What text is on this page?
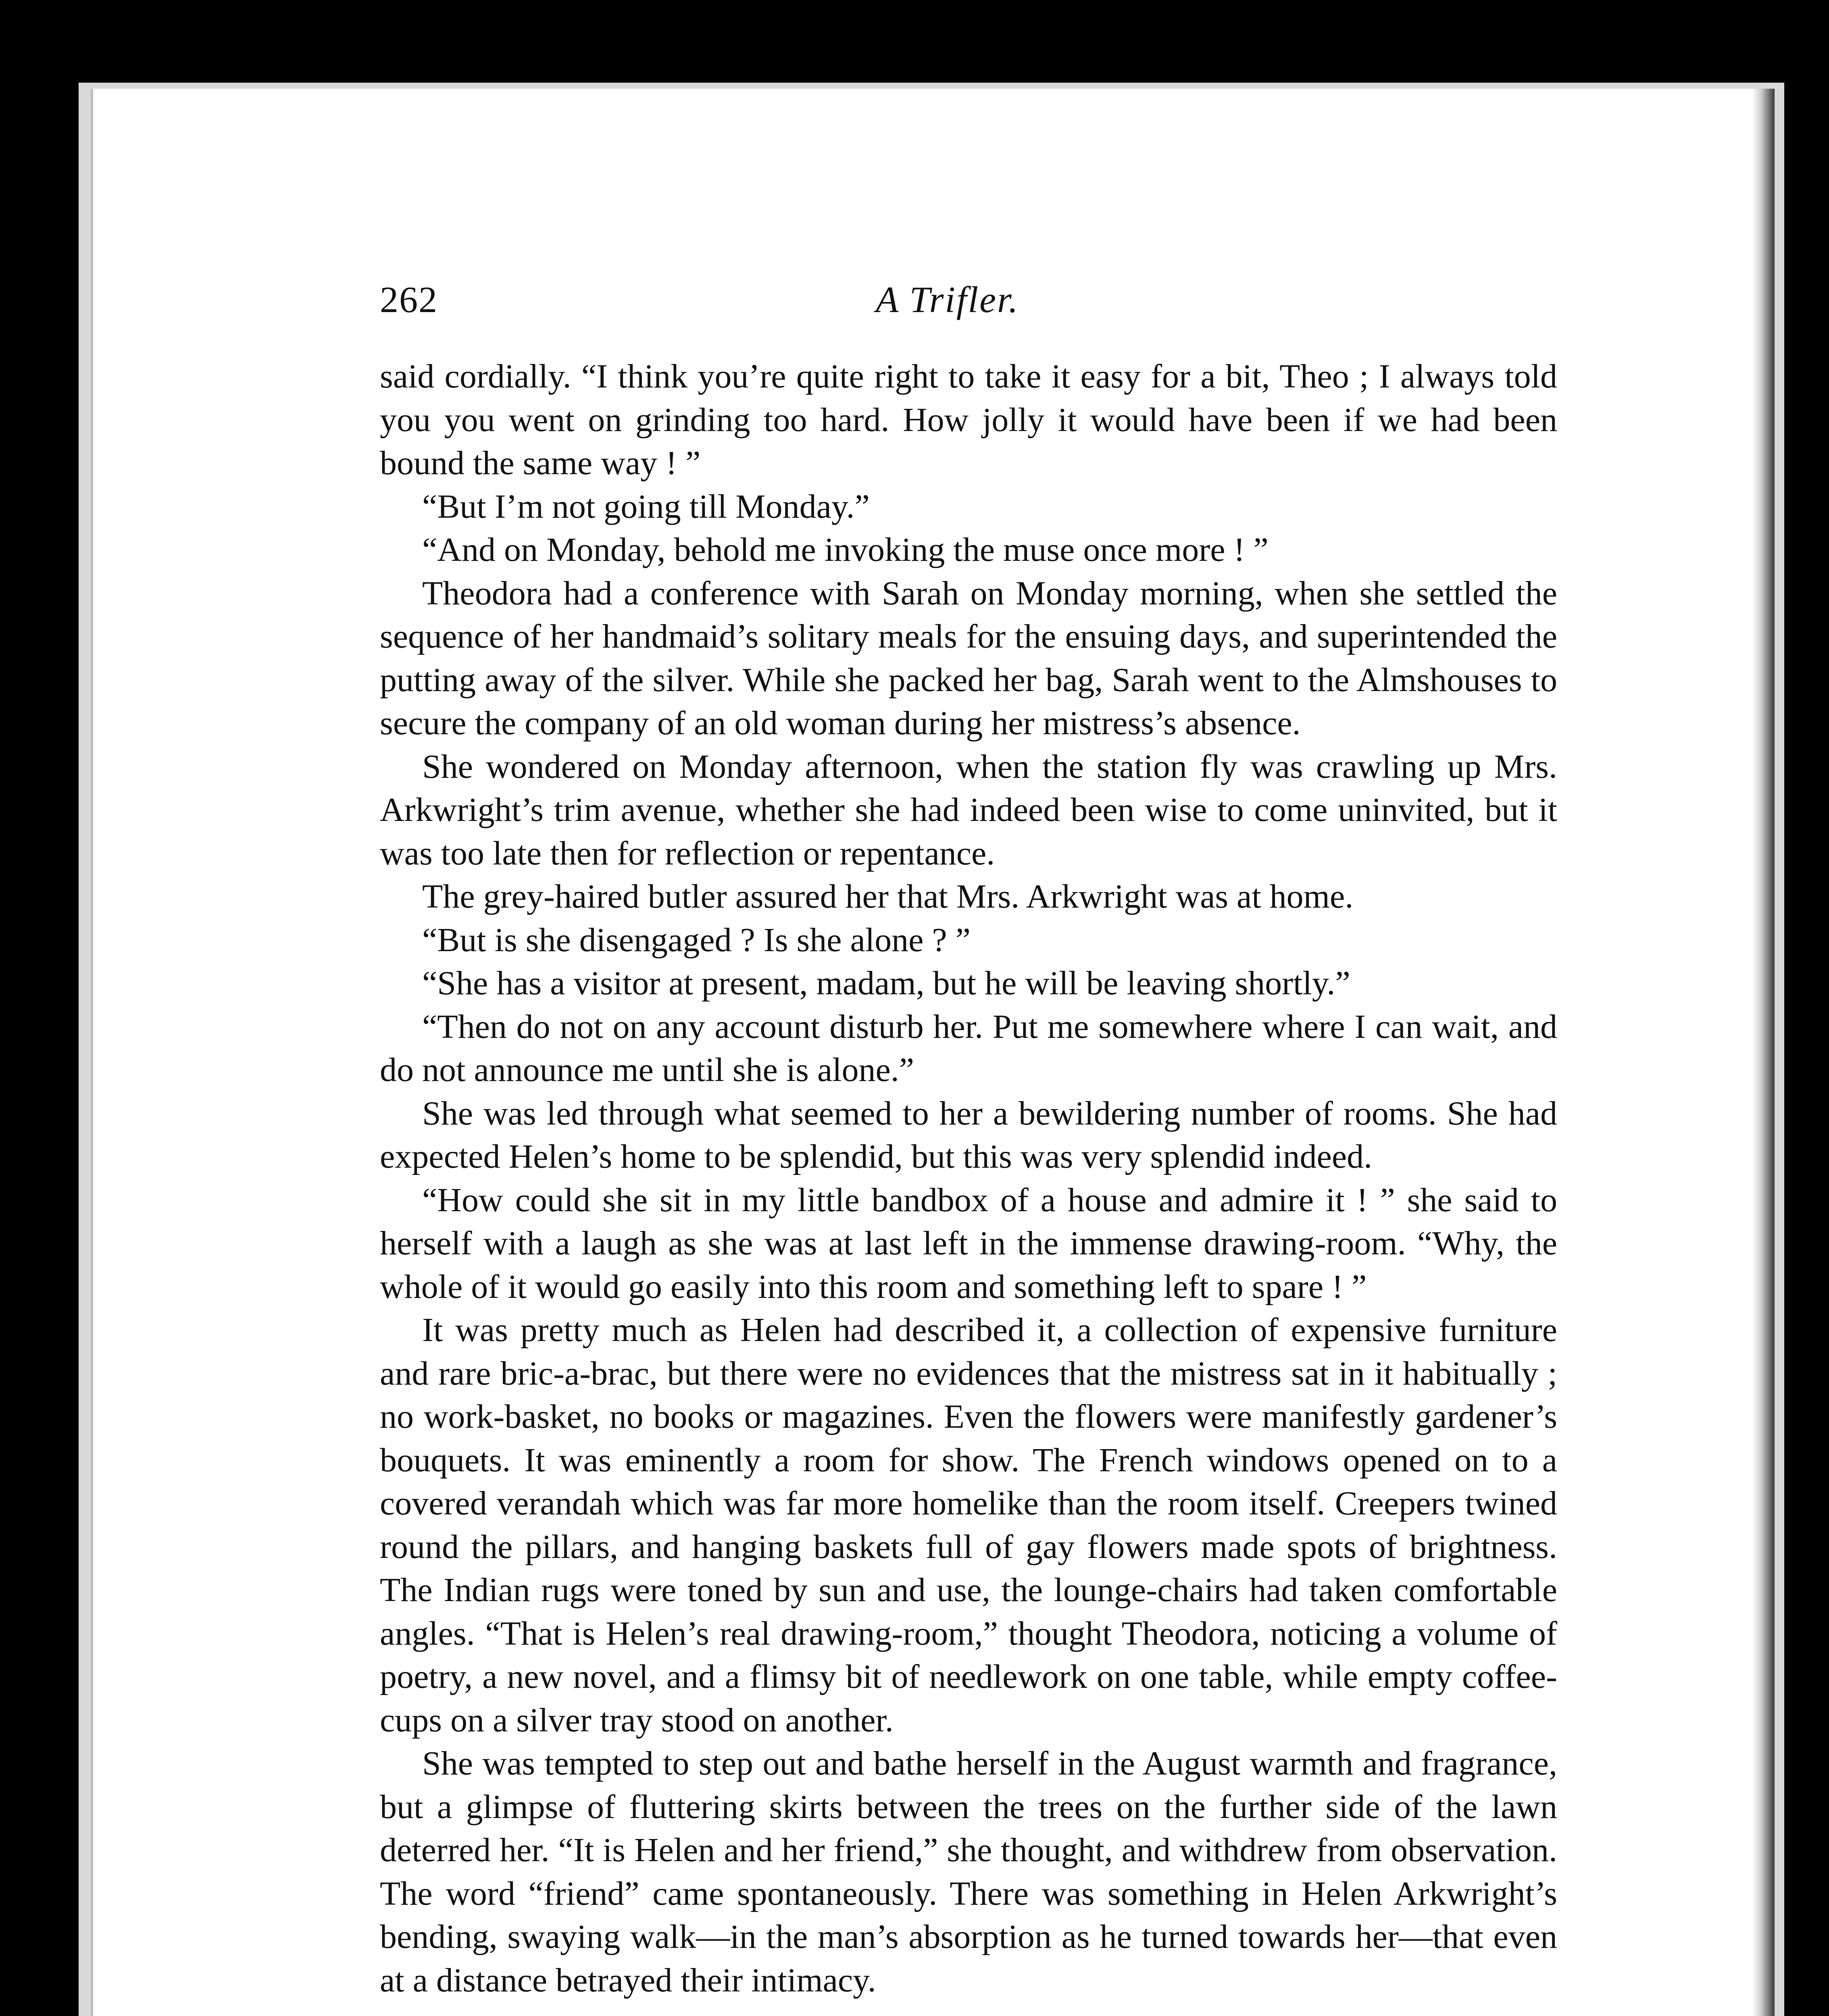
262	A Trifler.

said cordially. “I think you’re quite right to take it easy for a bit, Theo ; I always told you you went on grinding too hard. How jolly it would have been if we had been bound the same way ! ”

“But I’m not going till Monday.”

“And on Monday, behold me invoking the muse once more ! ”

Theodora had a conference with Sarah on Monday morning, when she settled the sequence of her handmaid’s solitary meals for the ensuing days, and superintended the putting away of the silver. While she packed her bag, Sarah went to the Almshouses to secure the company of an old woman during her mistress’s absence.

She wondered on Monday afternoon, when the station fly was crawling up Mrs. Arkwright’s trim avenue, whether she had indeed been wise to come uninvited, but it was too late then for reflection or repentance.

The grey-haired butler assured her that Mrs. Arkwright was at home.

“But is she disengaged ? Is she alone ? ”

“She has a visitor at present, madam, but he will be leaving shortly.”

“Then do not on any account disturb her. Put me somewhere where I can wait, and do not announce me until she is alone.”

She was led through what seemed to her a bewildering number of rooms. She had expected Helen’s home to be splendid, but this was very splendid indeed.

“How could she sit in my little bandbox of a house and admire it ! ” she said to herself with a laugh as she was at last left in the immense drawing-room. “Why, the whole of it would go easily into this room and something left to spare ! ”

It was pretty much as Helen had described it, a collection of expensive furniture and rare bric-a-brac, but there were no evidences that the mistress sat in it habitually ; no work-basket, no books or magazines. Even the flowers were manifestly gardener’s bouquets. It was eminently a room for show. The French windows opened on to a covered verandah which was far more homelike than the room itself. Creepers twined round the pillars, and hanging baskets full of gay flowers made spots of brightness. The Indian rugs were toned by sun and use, the lounge-chairs had taken comfortable angles. “That is Helen’s real drawing-room,” thought Theodora, noticing a volume of poetry, a new novel, and a flimsy bit of needlework on one table, while empty coffee-cups on a silver tray stood on another.

She was tempted to step out and bathe herself in the August warmth and fragrance, but a glimpse of fluttering skirts between the trees on the further side of the lawn deterred her. “It is Helen and her friend,” she thought, and withdrew from observation. The word “friend” came spontaneously. There was something in Helen Arkwright’s bending, swaying walk—in the man’s absorption as he turned towards her—that even at a distance betrayed their intimacy.
